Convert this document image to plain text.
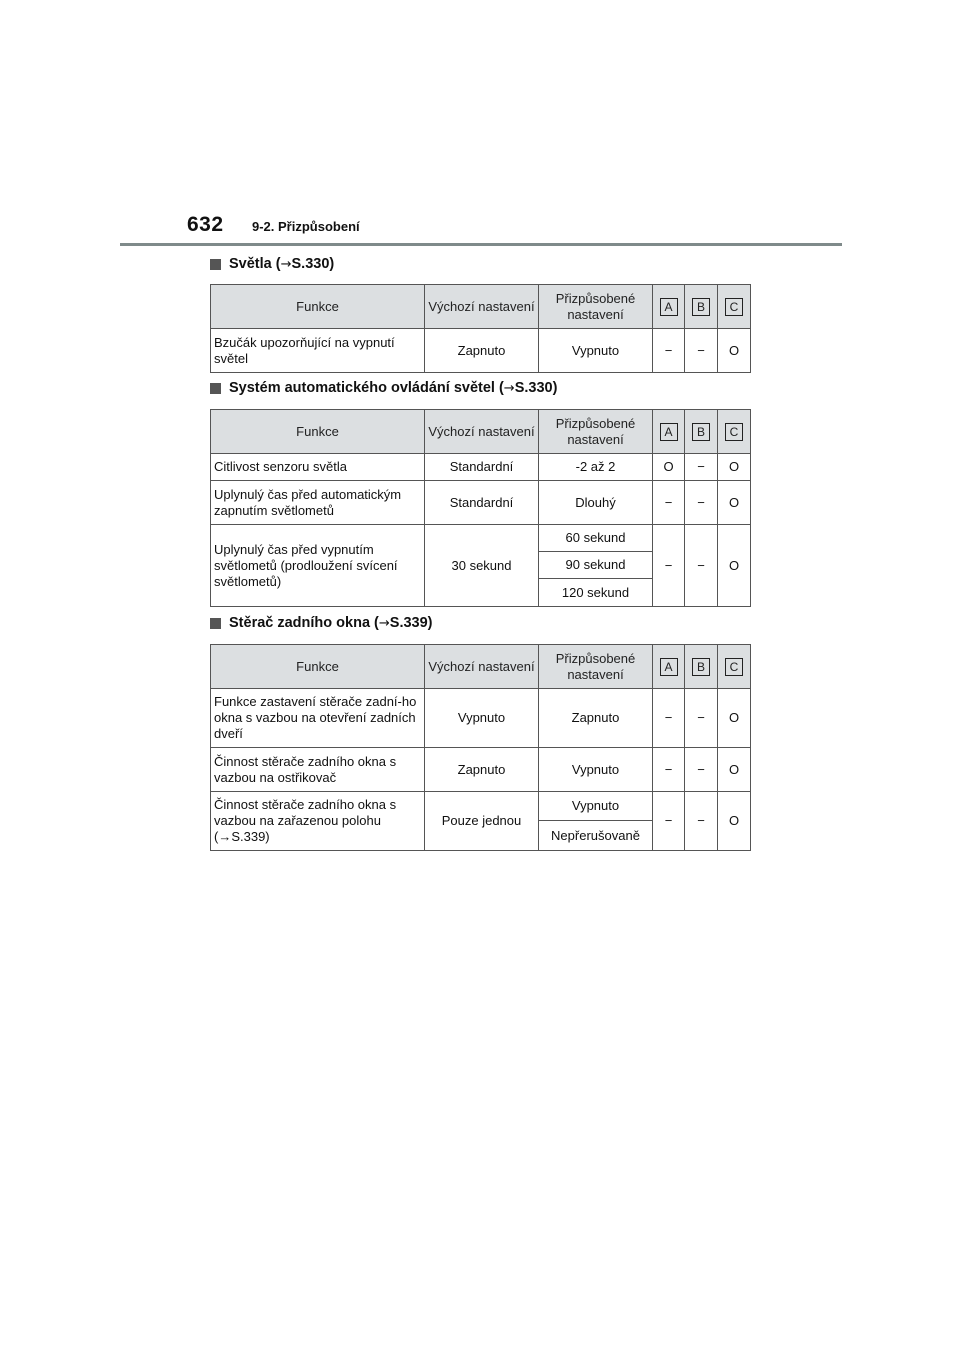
632 9-2. Přizpůsobení
Světla ( → S.330)
Funkce	Výchozí nastavení	Přizpůsobené nastavení	A	B	C
Bzučák upozorňující na vypnutí světel	Zapnuto	Vypnuto	−	−	O
Systém automatického ovládání světel ( → S.330)
Funkce	Výchozí nastavení	Přizpůsobené nastavení	A	B	C
Citlivost senzoru světla	Standardní	-2 až 2	O	−	O
Uplynulý čas před automatickým zapnutím světlometů	Standardní	Dlouhý	−	−	O
Uplynulý čas před vypnutím světlometů (prodloužení svícení světlometů)	30 sekund	60 sekund	−	−	O
		90 sekund			
		120 sekund			
Stěrač zadního okna ( → S.339)
Funkce	Výchozí nastavení	Přizpůsobené nastavení	A	B	C
Funkce zastavení stěrače zadní-ho okna s vazbou na otevření zadních dveří	Vypnuto	Zapnuto	−	−	O
Činnost stěrače zadního okna s vazbou na ostřikovač	Zapnuto	Vypnuto	−	−	O
Činnost stěrače zadního okna s vazbou na zařazenou polohu (→S.339)	Pouze jednou	Vypnuto	−	−	O
		Nepřerušovaně			
